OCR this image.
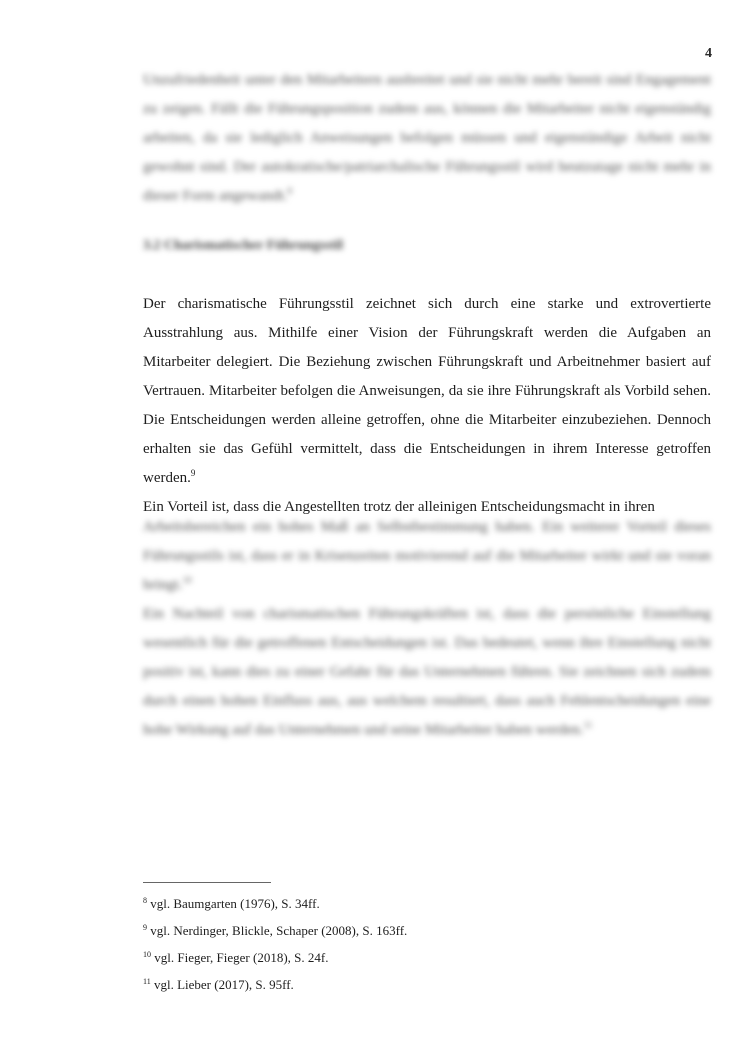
4

Unzufriedenheit unter den Mitarbeitern ausbreitet und sie nicht mehr bereit sind Engagement zu zeigen. Fällt die Führungsposition zudem aus, können die Mitarbeiter nicht eigenständig arbeiten, da sie lediglich Anweisungen befolgen müssen und eigenständige Arbeit nicht gewohnt sind. Der autokratische/patriarchalische Führungsstil wird heutzutage nicht mehr in dieser Form angewandt.$^8$

3.2 Charismatischer Führungsstil

Der charismatische Führungsstil zeichnet sich durch eine starke und extrovertierte Ausstrahlung aus. Mithilfe einer Vision der Führungskraft werden die Aufgaben an Mitarbeiter delegiert. Die Beziehung zwischen Führungskraft und Arbeitnehmer basiert auf Vertrauen. Mitarbeiter befolgen die Anweisungen, da sie ihre Führungskraft als Vorbild sehen. Die Entscheidungen werden alleine getroffen, ohne die Mitarbeiter einzubeziehen. Dennoch erhalten sie das Gefühl vermittelt, dass die Entscheidungen in ihrem Interesse getroffen werden.$^9$

Ein Vorteil ist, dass die Angestellten trotz der alleinigen Entscheidungsmacht in ihren

Arbeitsbereichen ein hohes Maß an Selbstbestimmung haben. Ein weiterer Vorteil dieses Führungsstils ist, dass er in Krisenzeiten motivierend auf die Mitarbeiter wirkt und sie voran bringt.$^{10}$

Ein Nachteil von charismatischen Führungskräften ist, dass die persönliche Einstellung wesentlich für die getroffenen Entscheidungen ist. Das bedeutet, wenn ihre Einstellung nicht positiv ist, kann dies zu einer Gefahr für das Unternehmen führen. Sie zeichnen sich zudem durch einen hohen Einfluss aus, aus welchem resultiert, dass auch Fehlentscheidungen eine hohe Wirkung auf das Unternehmen und seine Mitarbeiter haben werden.$^{11}$

$^8$ vgl. Baumgarten (1976), S. 34ff.
$^9$ vgl. Nerdinger, Blickle, Schaper (2008), S. 163ff.
$^{10}$ vgl. Fieger, Fieger (2018), S. 24f.
$^{11}$ vgl. Lieber (2017), S. 95ff.
